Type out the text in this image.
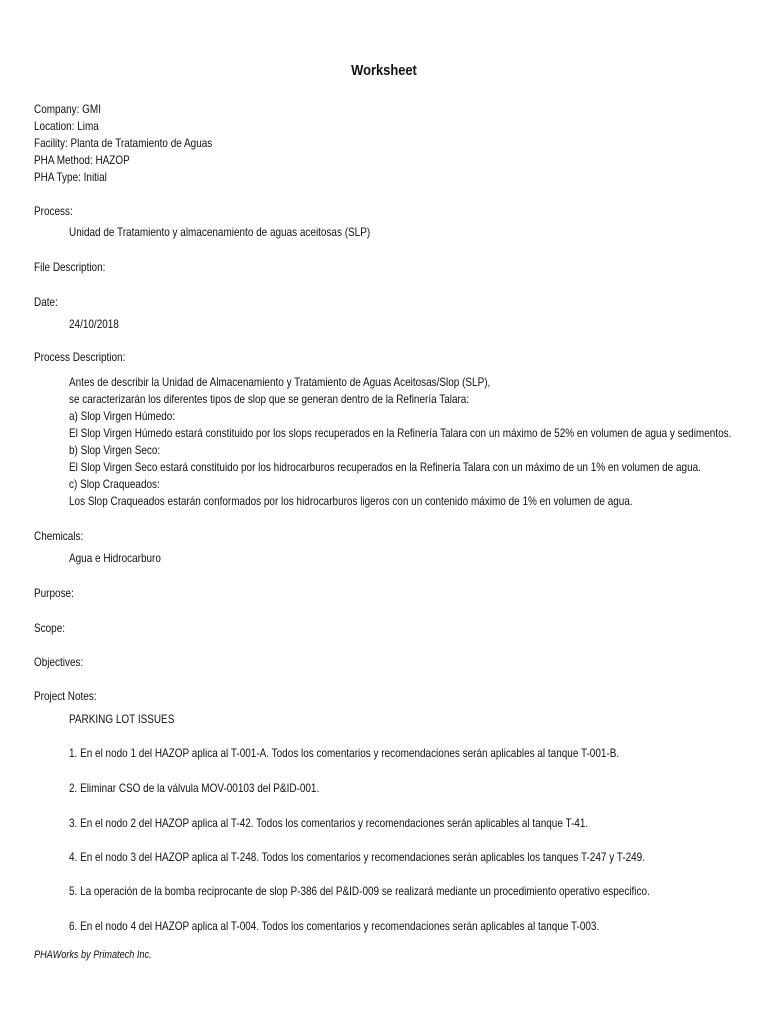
Worksheet
Company: GMI
Location: Lima
Facility: Planta de Tratamiento de Aguas
PHA Method: HAZOP
PHA Type: Initial
Process:
Unidad de Tratamiento y almacenamiento de aguas aceitosas (SLP)
File Description:
Date:
24/10/2018
Process Description:
Antes de describir la Unidad de Almacenamiento y Tratamiento de Aguas Aceitosas/Slop (SLP),
se caracterizarán los diferentes tipos de slop que se generan dentro de la Refinería Talara:
a) Slop Virgen Húmedo:
El Slop Virgen Húmedo estará constituido por los slops recuperados en la Refinería Talara con un máximo de 52% en volumen de agua y sedimentos.
b) Slop Virgen Seco:
El Slop Virgen Seco estará constituido por los hidrocarburos recuperados en la Refinería Talara con un máximo de un 1% en volumen de agua.
c) Slop Craqueados:
Los Slop Craqueados estarán conformados por los hidrocarburos ligeros con un contenido máximo de 1% en volumen de agua.
Chemicals:
Agua e Hidrocarburo
Purpose:
Scope:
Objectives:
Project Notes:
PARKING LOT ISSUES
1. En el nodo 1 del HAZOP aplica al T-001-A. Todos los comentarios y recomendaciones serán aplicables al tanque T-001-B.
2. Eliminar CSO de la válvula MOV-00103 del P&ID-001.
3. En el nodo 2 del HAZOP aplica al T-42. Todos los comentarios y recomendaciones serán aplicables al tanque T-41.
4. En el nodo 3 del HAZOP aplica al T-248. Todos los comentarios y recomendaciones serán aplicables los tanques T-247 y T-249.
5. La operación de la bomba reciprocante de slop P-386 del P&ID-009 se realizará mediante un procedimiento operativo especifico.
6. En el nodo 4 del HAZOP aplica al T-004. Todos los comentarios y recomendaciones serán aplicables al tanque T-003.
PHAWorks by Primatech Inc.
